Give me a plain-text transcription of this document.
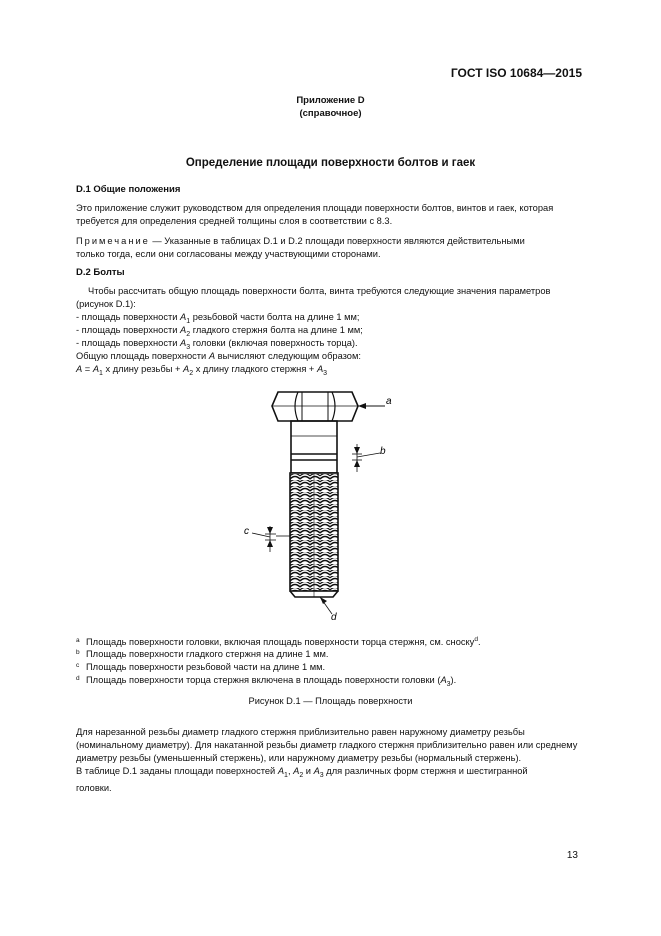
ГОСТ ISO 10684—2015
Приложение D
(справочное)
Определение площади поверхности болтов и гаек
D.1 Общие положения
Это приложение служит руководством для определения площади поверхности болтов, винтов и гаек, которая
требуется для определения средней толщины слоя в соответствии с 8.3.
Примечание — Указанные в таблицах D.1 и D.2 площади поверхности являются действительными
только тогда, если они согласованы между участвующими сторонами.
D.2 Болты
Чтобы рассчитать общую площадь поверхности болта, винта требуются следующие значения параметров
(рисунок D.1):
- площадь поверхности $A_1$ резьбовой части болта на длине 1 мм;
- площадь поверхности $A_2$ гладкого стержня болта на длине 1 мм;
- площадь поверхности $A_3$ головки (включая поверхность торца).
Общую площадь поверхности A вычисляют следующим образом:
$A = A_1$ x длину резьбы + $A_2$ x длину гладкого стержня + $A_3$
a
b
c
d
a Площадь поверхности головки, включая площадь поверхности торца стержня, см. сноску$^d$.
b Площадь поверхности гладкого стержня на длине 1 мм.
c Площадь поверхности резьбовой части на длине 1 мм.
d Площадь поверхности торца стержня включена в площадь поверхности головки $(A_3)$.
Рисунок D.1 — Площадь поверхности
Для нарезанной резьбы диаметр гладкого стержня приблизительно равен наружному диаметру резьбы
(номинальному диаметру). Для накатанной резьбы диаметр гладкого стержня приблизительно равен или среднему
диаметру резьбы (уменьшенный стержень), или наружному диаметру резьбы (нормальный стержень).
В таблице D.1 заданы площади поверхностей $A_1$, $A_2$ и $A_3$ для различных форм стержня и шестигранной
головки.
13
